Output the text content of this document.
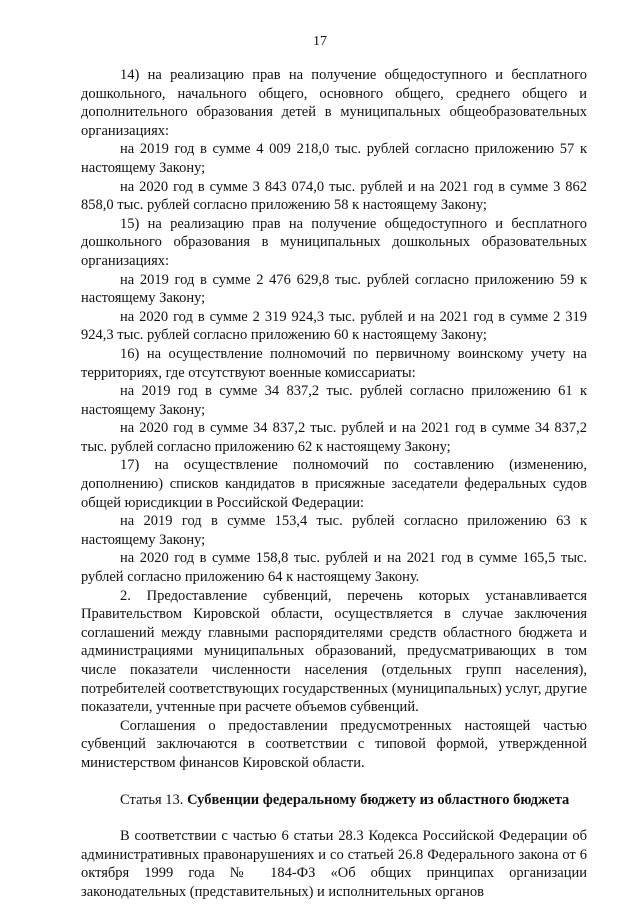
17

14) на реализацию прав на получение общедоступного и бесплатного дошкольного, начального общего, основного общего, среднего общего и дополнительного образования детей в муниципальных общеобразовательных организациях:

на 2019 год в сумме 4 009 218,0 тыс. рублей согласно приложению 57 к настоящему Закону;

на 2020 год в сумме 3 843 074,0 тыс. рублей и на 2021 год в сумме 3 862 858,0 тыс. рублей согласно приложению 58 к настоящему Закону;

15) на реализацию прав на получение общедоступного и бесплатного дошкольного образования в муниципальных дошкольных образовательных организациях:

на 2019 год в сумме 2 476 629,8 тыс. рублей согласно приложению 59 к настоящему Закону;

на 2020 год в сумме 2 319 924,3 тыс. рублей и на 2021 год в сумме 2 319 924,3 тыс. рублей согласно приложению 60 к настоящему Закону;

16) на осуществление полномочий по первичному воинскому учету на территориях, где отсутствуют военные комиссариаты:

на 2019 год в сумме 34 837,2 тыс. рублей согласно приложению 61 к настоящему Закону;

на 2020 год в сумме 34 837,2 тыс. рублей и на 2021 год в сумме 34 837,2 тыс. рублей согласно приложению 62 к настоящему Закону;

17) на осуществление полномочий по составлению (изменению, дополнению) списков кандидатов в присяжные заседатели федеральных судов общей юрисдикции в Российской Федерации:

на 2019 год в сумме 153,4 тыс. рублей согласно приложению 63 к настоящему Закону;

на 2020 год в сумме 158,8 тыс. рублей и на 2021 год в сумме 165,5 тыс. рублей согласно приложению 64 к настоящему Закону.

2. Предоставление субвенций, перечень которых устанавливается Правительством Кировской области, осуществляется в случае заключения соглашений между главными распорядителями средств областного бюджета и администрациями муниципальных образований, предусматривающих в том числе показатели численности населения (отдельных групп населения), потребителей соответствующих государственных (муниципальных) услуг, другие показатели, учтенные при расчете объемов субвенций.

Соглашения о предоставлении предусмотренных настоящей частью субвенций заключаются в соответствии с типовой формой, утвержденной министерством финансов Кировской области.

Статья 13. Субвенции федеральному бюджету из областного бюджета

В соответствии с частью 6 статьи 28.3 Кодекса Российской Федерации об административных правонарушениях и со статьей 26.8 Федерального закона от 6 октября 1999 года № 184-ФЗ «Об общих принципах организации законодательных (представительных) и исполнительных органов
